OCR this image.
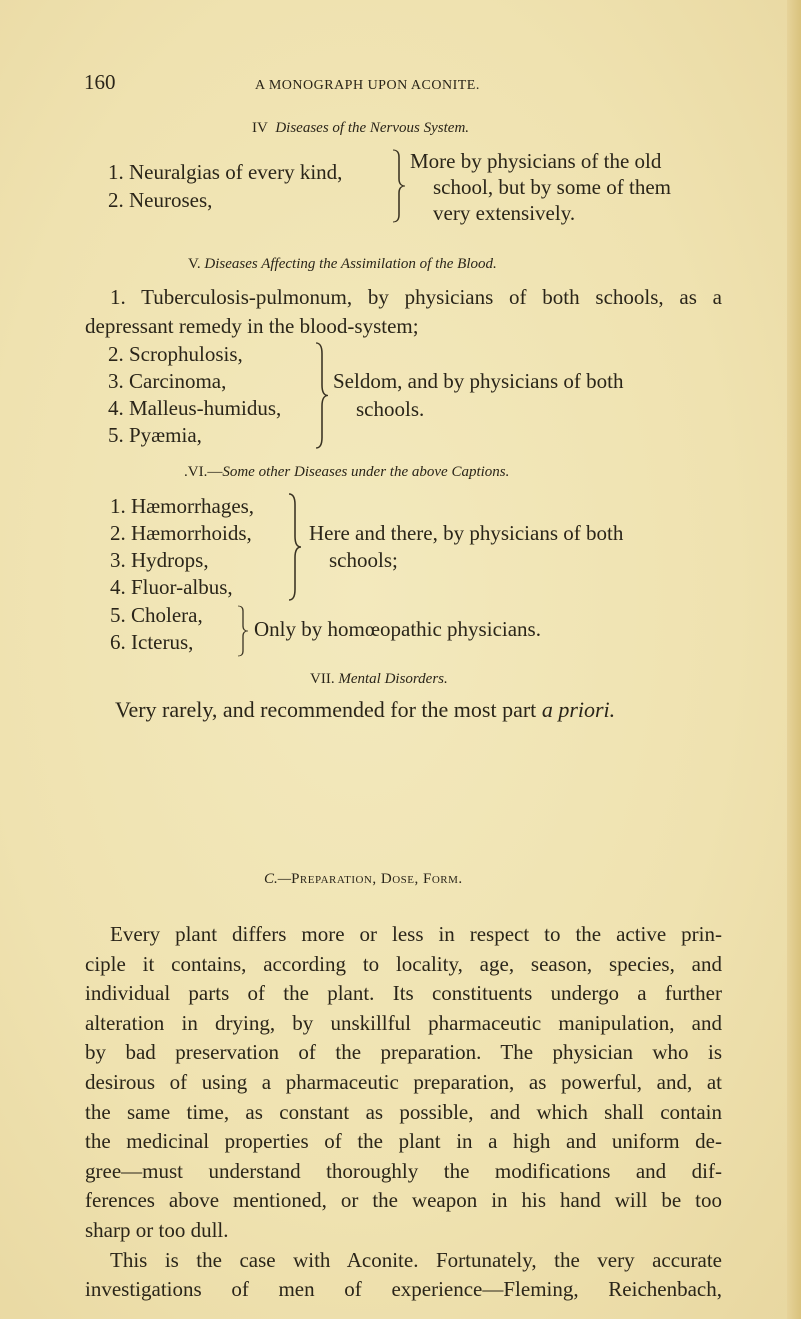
160	A MONOGRAPH UPON ACONITE.
IV Diseases of the Nervous System.
1. Neuralgias of every kind,
2. Neuroses,
More by physicians of the old
school, but by some of them
very extensively.
V. Diseases Affecting the Assimilation of the Blood.
1. Tuberculosis-pulmonum, by physicians of both schools, as a
depressant remedy in the blood-system;
2. Scrophulosis,
3. Carcinoma,
4. Malleus-humidus,
5. Pyæmia,
Seldom, and by physicians of both
schools.
.VI.—Some other Diseases under the above Captions.
1. Hæmorrhages,
2. Hæmorrhoids,
3. Hydrops,
4. Fluor-albus,
Here and there, by physicians of both
schools;
5. Cholera,
6. Icterus,
Only by homœopathic physicians.
VII. Mental Disorders.
Very rarely, and recommended for the most part a priori.
C.—Preparation, Dose, Form.
Every plant differs more or less in respect to the active prin-
ciple it contains, according to locality, age, season, species, and
individual parts of the plant. Its constituents undergo a further
alteration in drying, by unskillful pharmaceutic manipulation, and
by bad preservation of the preparation. The physician who is
desirous of using a pharmaceutic preparation, as powerful, and, at
the same time, as constant as possible, and which shall contain
the medicinal properties of the plant in a high and uniform de-
gree—must understand thoroughly the modifications and dif-
ferences above mentioned, or the weapon in his hand will be too
sharp or too dull.
This is the case with Aconite. Fortunately, the very accurate
investigations of men of experience—Fleming, Reichenbach,
